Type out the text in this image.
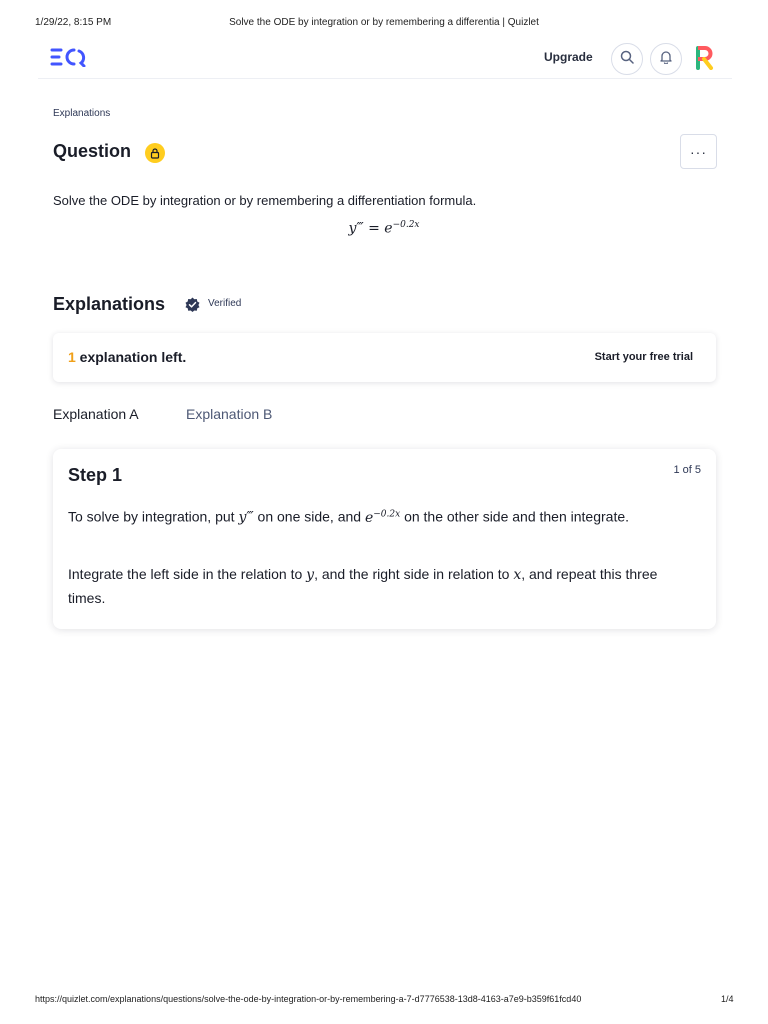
1/29/22, 8:15 PM	Solve the ODE by integration or by remembering a differentia | Quizlet
Upgrade
Explanations
Question	···
Solve the ODE by integration or by remembering a differentiation formula.
y‴ = $e^{-0.2x}$
Explanations	Verified
1 explanation left.	Start your free trial
Explanation A	Explanation B
Step 1	1 of 5

To solve by integration, put y‴ on one side, and $e^{-0.2x}$ on the other side and then integrate.

Integrate the left side in the relation to y, and the right side in relation to x, and repeat this three times.

https://quizlet.com/explanations/questions/solve-the-ode-by-integration-or-by-remembering-a-7-d7776538-13d8-4163-a7e9-b359f61fcd40	1/4
